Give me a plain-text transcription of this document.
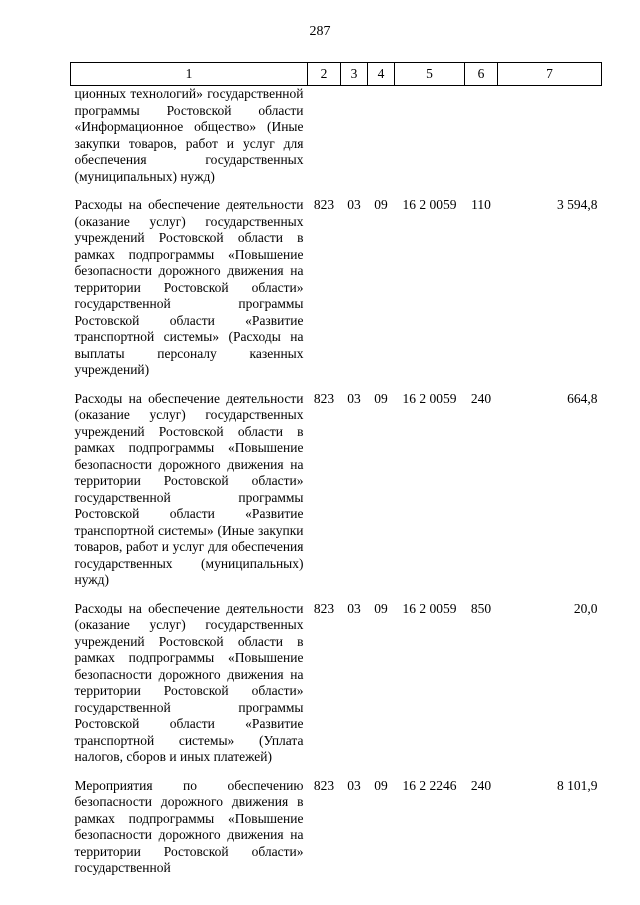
287
1	2	3	4	5	6	7
ционных технологий» государственной программы Ростовской области «Информационное общество» (Иные закупки товаров, работ и услуг для обеспечения государственных (муниципальных) нужд)						
Расходы на обеспечение деятельности (оказание услуг) государственных учреждений Ростовской области в рамках подпрограммы «Повышение безопасности дорожного движения на территории Ростовской области» государственной программы Ростовской области «Развитие транспортной системы» (Расходы на выплаты персоналу казенных учреждений)	823	03	09	16 2 0059	110	3 594,8
Расходы на обеспечение деятельности (оказание услуг) государственных учреждений Ростовской области в рамках подпрограммы «Повышение безопасности дорожного движения на территории Ростовской области» государственной программы Ростовской области «Развитие транспортной системы» (Иные закупки товаров, работ и услуг для обеспечения государственных (муниципальных) нужд)	823	03	09	16 2 0059	240	664,8
Расходы на обеспечение деятельности (оказание услуг) государственных учреждений Ростовской области в рамках подпрограммы «Повышение безопасности дорожного движения на территории Ростовской области» государственной программы Ростовской области «Развитие транспортной системы» (Уплата налогов, сборов и иных платежей)	823	03	09	16 2 0059	850	20,0
Мероприятия по обеспечению безопасности дорожного движения в рамках подпрограммы «Повышение безопасности дорожного движения на территории Ростовской области» государственной	823	03	09	16 2 2246	240	8 101,9
